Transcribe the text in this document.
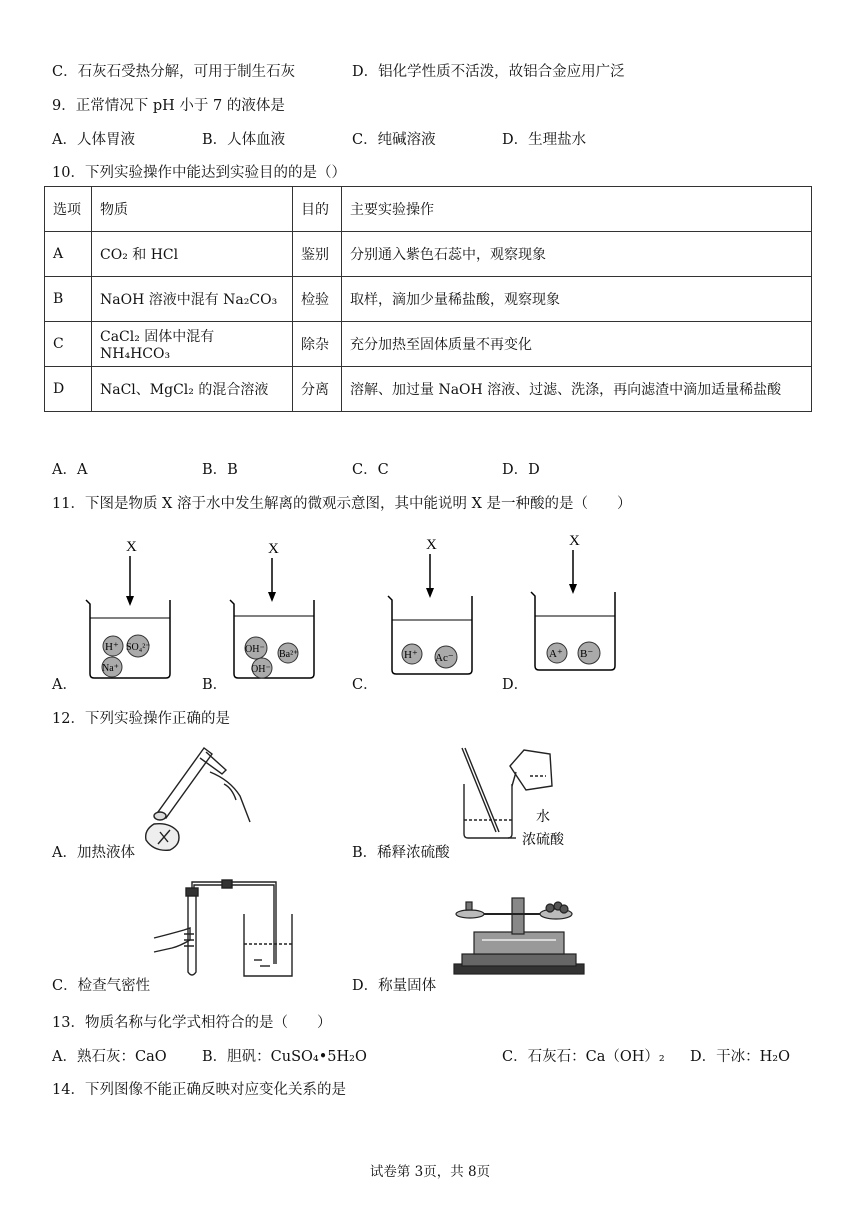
C．石灰石受热分解，可用于制生石灰	D．铝化学性质不活泼，故铝合金应用广泛
9．正常情况下 pH 小于 7 的液体是
A．人体胃液	B．人体血液	C．纯碱溶液	D．生理盐水
10．下列实验操作中能达到实验目的的是（）
选项	物质	目的	主要实验操作
A	CO₂ 和 HCl	鉴别	分别通入紫色石蕊中，观察现象
B	NaOH 溶液中混有 Na₂CO₃	检验	取样，滴加少量稀盐酸，观察现象
C	CaCl₂ 固体中混有 NH₄HCO₃	除杂	充分加热至固体质量不再变化
D	NaCl、MgCl₂ 的混合溶液	分离	溶解、加过量 NaOH 溶液、过滤、洗涤，再向滤渣中滴加适量稀盐酸
A．A	B．B	C．C	D．D
11．下图是物质 X 溶于水中发生解离的微观示意图，其中能说明 X 是一种酸的是（　　）
X
H⁺ SO₄²⁻
Na⁺
A．
X
OH⁻ Ba²⁺
OH⁻
B．
X
H⁺ Ac⁻
C．
X
A⁺ B⁻
D．
12．下列实验操作正确的是
A．加热液体
水
浓硫酸
B．稀释浓硫酸
C．检查气密性	D．称量固体
13．物质名称与化学式相符合的是（　　）
A．熟石灰：CaO B．胆矾：CuSO₄•5H₂O	C．石灰石：Ca（OH）₂ D．干冰：H₂O
14．下列图像不能正确反映对应变化关系的是
试卷第 3页，共 8页
